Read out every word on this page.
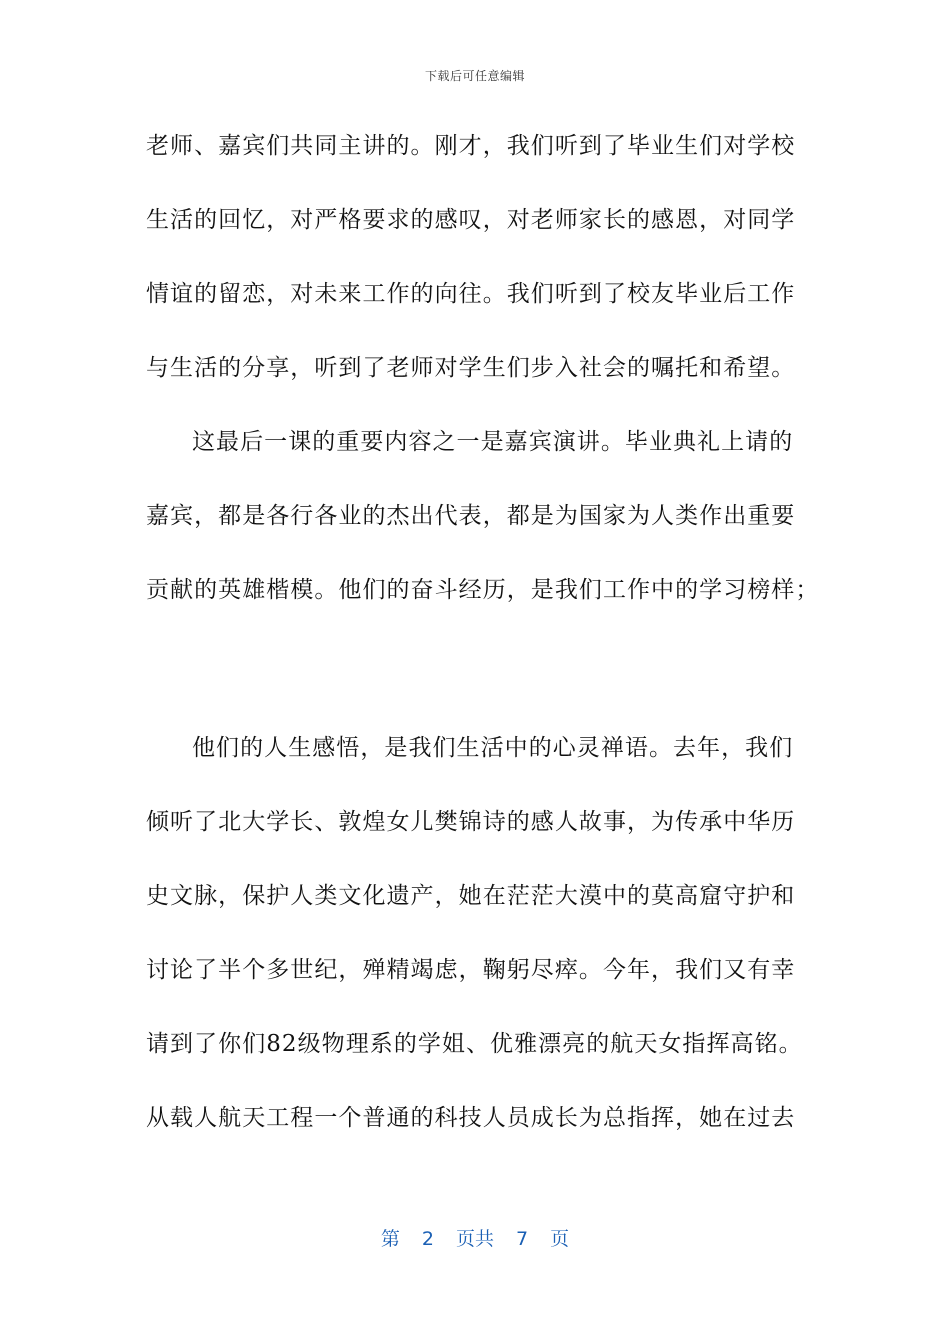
下载后可任意编辑
老师、嘉宾们共同主讲的。刚才，我们听到了毕业生们对学校
生活的回忆，对严格要求的感叹，对老师家长的感恩，对同学
情谊的留恋，对未来工作的向往。我们听到了校友毕业后工作
与生活的分享，听到了老师对学生们步入社会的嘱托和希望。
这最后一课的重要内容之一是嘉宾演讲。毕业典礼上请的
嘉宾，都是各行各业的杰出代表，都是为国家为人类作出重要
贡献的英雄楷模。他们的奋斗经历，是我们工作中的学习榜样；
他们的人生感悟，是我们生活中的心灵禅语。去年，我们
倾听了北大学长、敦煌女儿樊锦诗的感人故事，为传承中华历
史文脉，保护人类文化遗产，她在茫茫大漠中的莫高窟守护和
讨论了半个多世纪，殚精竭虑，鞠躬尽瘁。今年，我们又有幸
请到了你们82级物理系的学姐、优雅漂亮的航天女指挥高铭。
从载人航天工程一个普通的科技人员成长为总指挥，她在过去
第 2 页共 7 页
